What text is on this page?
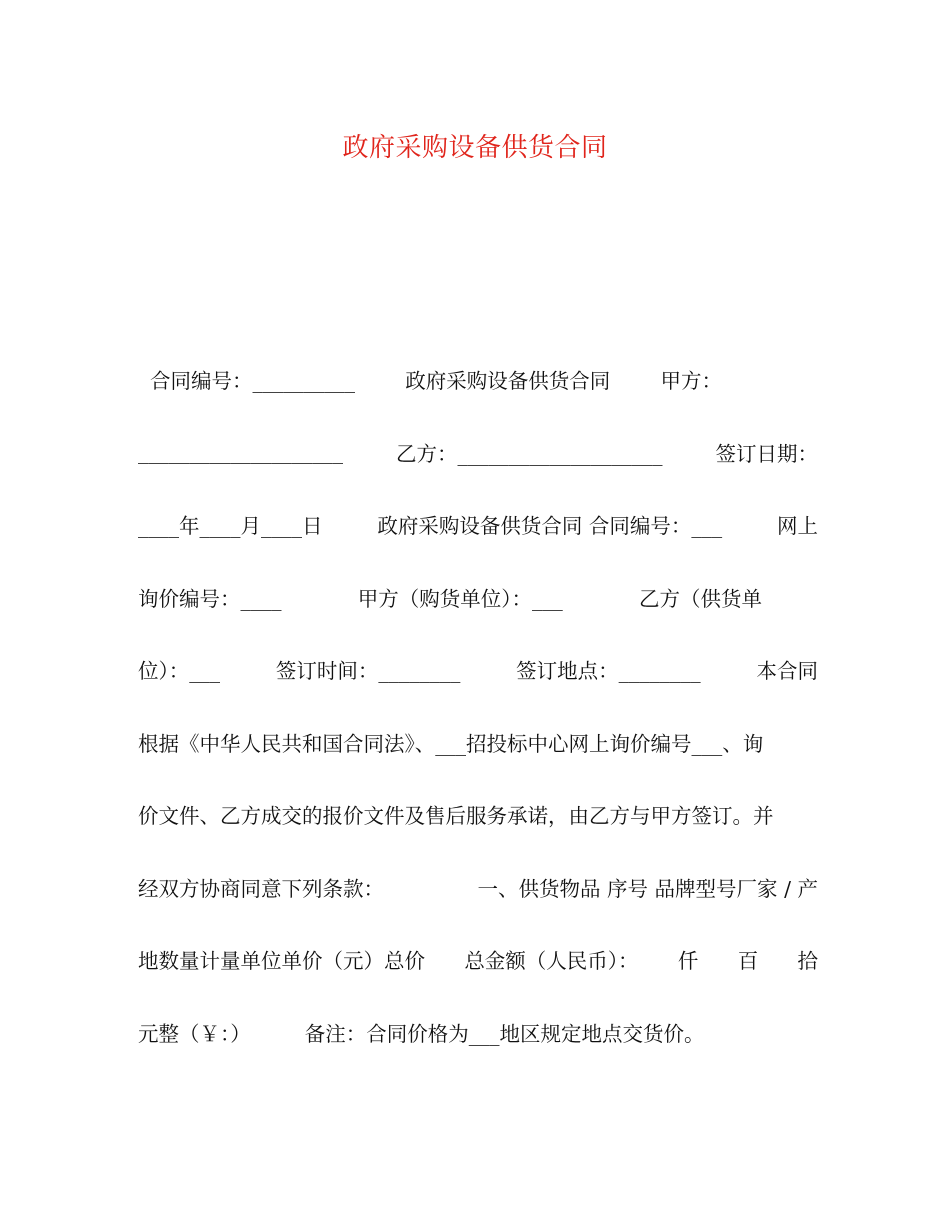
政府采购设备供货合同
合同编号：__________ 政府采购设备供货合同 甲方：
____________________	乙方：____________________	签订日期：
____年____月____日	政府采购设备供货合同 合同编号：___	网上
询价编号：____	甲方（购货单位）：___	乙方（供货单
位）：___	签订时间：________	签订地点：________	本合同
根据《中华人民共和国合同法》、___招投标中心网上询价编号___、询
价文件、乙方成交的报价文件及售后服务承诺，由乙方与甲方签订。并
经双方协商同意下列条款：	一、供货物品 序号 品牌型号厂家 / 产
地数量计量单位单价（元）总价 总金额（人民币）： 仟 百 拾
元整（￥：）	备注：合同价格为___地区规定地点交货价。
